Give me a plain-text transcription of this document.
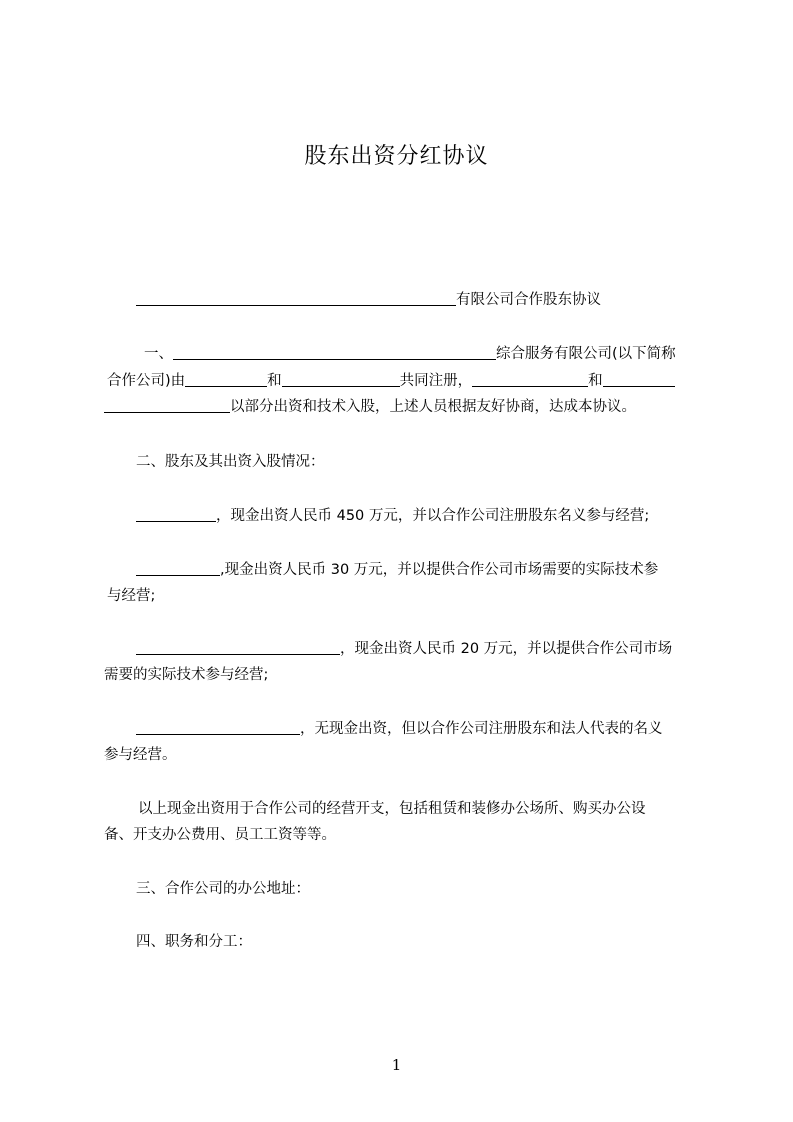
股东出资分红协议
有限公司合作股东协议
一、	综合服务有限公司(以下简称
合作公司)由	和	共同注册，	和
以部分出资和技术入股，上述人员根据友好协商，达成本协议。
二、股东及其出资入股情况：
，现金出资人民币 450 万元，并以合作公司注册股东名义参与经营;
,现金出资人民币 30 万元，并以提供合作公司市场需要的实际技术参
与经营;
，现金出资人民币 20 万元，并以提供合作公司市场
需要的实际技术参与经营;
，无现金出资，但以合作公司注册股东和法人代表的名义
参与经营。
以上现金出资用于合作公司的经营开支，包括租赁和装修办公场所、购买办公设
备、开支办公费用、员工工资等等。
三、合作公司的办公地址：
四、职务和分工：
1
